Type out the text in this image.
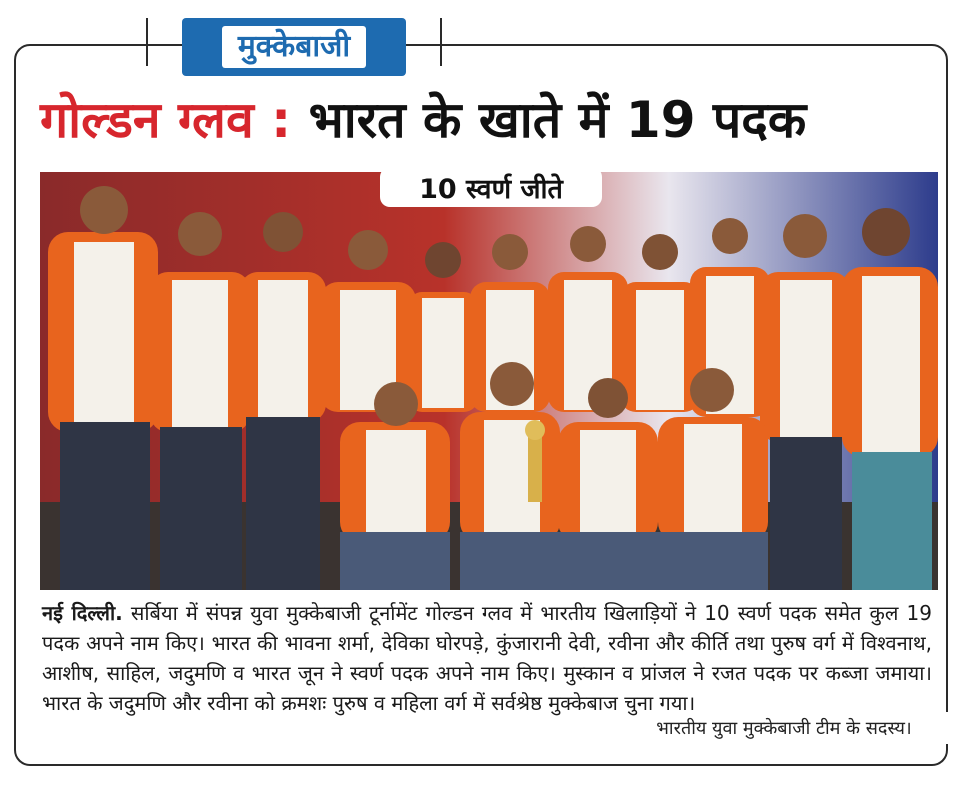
मुक्केबाजी
गोल्डन ग्लव : भारत के खाते में 19 पदक
भारतीय युवा मुक्केबाजी टीम के सदस्य।
10 स्वर्ण जीते
नई दिल्ली. सर्बिया में संपन्न युवा मुक्केबाजी टूर्नामेंट गोल्डन ग्लव में भारतीय खिलाड़ियों ने 10 स्वर्ण पदक समेत कुल 19 पदक अपने नाम किए। भारत की भावना शर्मा, देविका घोरपड़े, कुंजारानी देवी, रवीना और कीर्ति तथा पुरुष वर्ग में विश्वनाथ, आशीष, साहिल, जदुमणि व भारत जून ने स्वर्ण पदक अपने नाम किए। मुस्कान व प्रांजल ने रजत पदक पर कब्जा जमाया। भारत के जदुमणि और रवीना को क्रमशः पुरुष व महिला वर्ग में सर्वश्रेष्ठ मुक्केबाज चुना गया।
